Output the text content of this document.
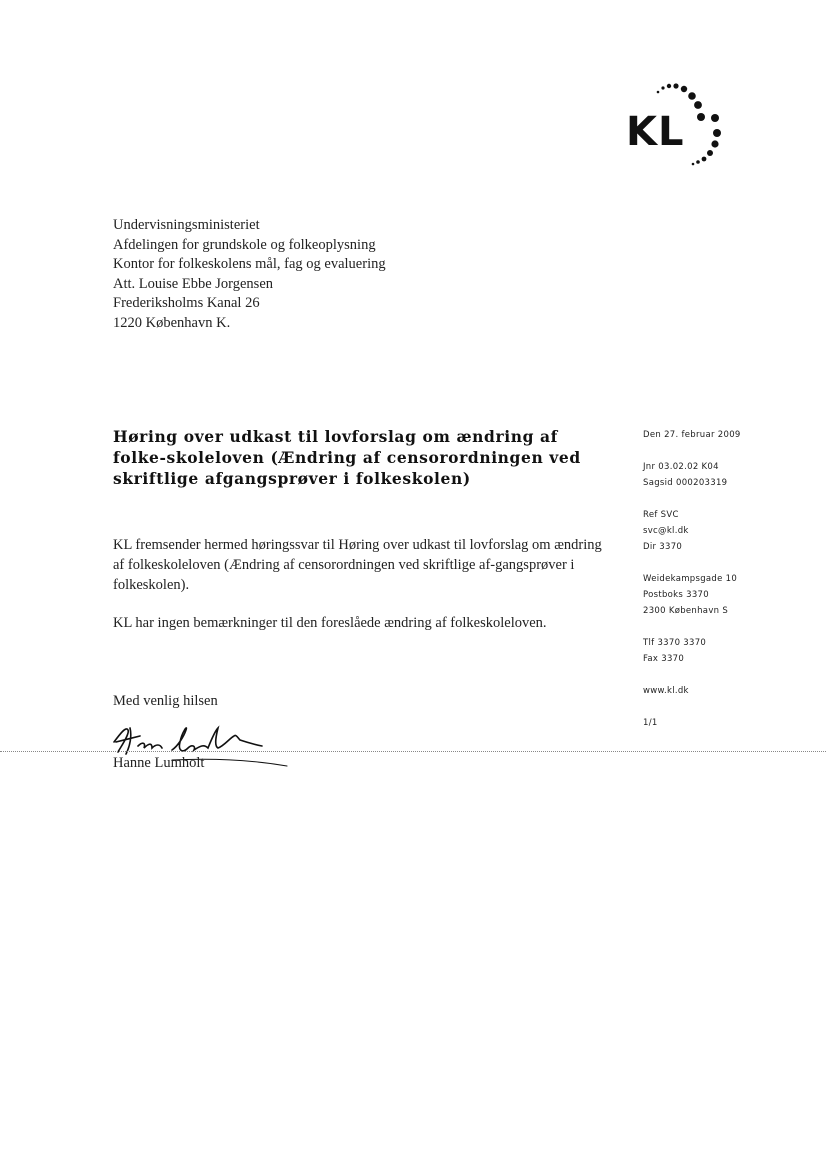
KL
Undervisningsministeriet
Afdelingen for grundskole og folkeoplysning
Kontor for folkeskolens mål, fag og evaluering
Att. Louise Ebbe Jorgensen
Frederiksholms Kanal 26
1220 København K.
Høring over udkast til lovforslag om ændring af folke-skoleloven (Ændring af censorordningen ved skriftlige afgangsprøver i folkeskolen)
KL fremsender hermed høringssvar til Høring over udkast til lovforslag om ændring af folkeskoleloven (Ændring af censorordningen ved skriftlige af-gangsprøver i folkeskolen).
KL har ingen bemærkninger til den foreslåede ændring af folkeskoleloven.
Med venlig hilsen
Hanne Lumholt
Den 27. februar 2009
Jnr 03.02.02 K04
Sagsid 000203319
Ref SVC
svc@kl.dk
Dir 3370
Weidekampsgade 10
Postboks 3370
2300 København S
Tlf 3370 3370
Fax 3370
www.kl.dk
1/1
